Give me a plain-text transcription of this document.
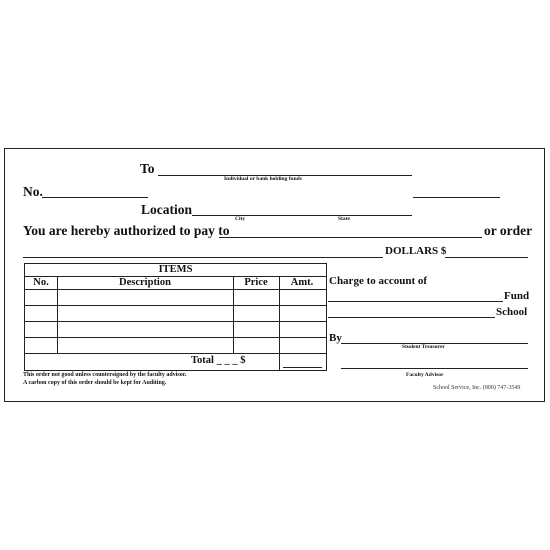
To
Individual or bank holding funds
No.
Location
City	State
You are hereby authorized to pay to	or order
DOLLARS $
ITEMS
No.	Description	Price	Amt.
Total _ _ _ $
This order not good unless countersigned by the faculty advisor.
A carbon copy of this order should be kept for Auditing.
Charge to account of
Fund
School
By
Student Treasurer
Faculty Advisor
School Service, Inc. (800) 747-3549
